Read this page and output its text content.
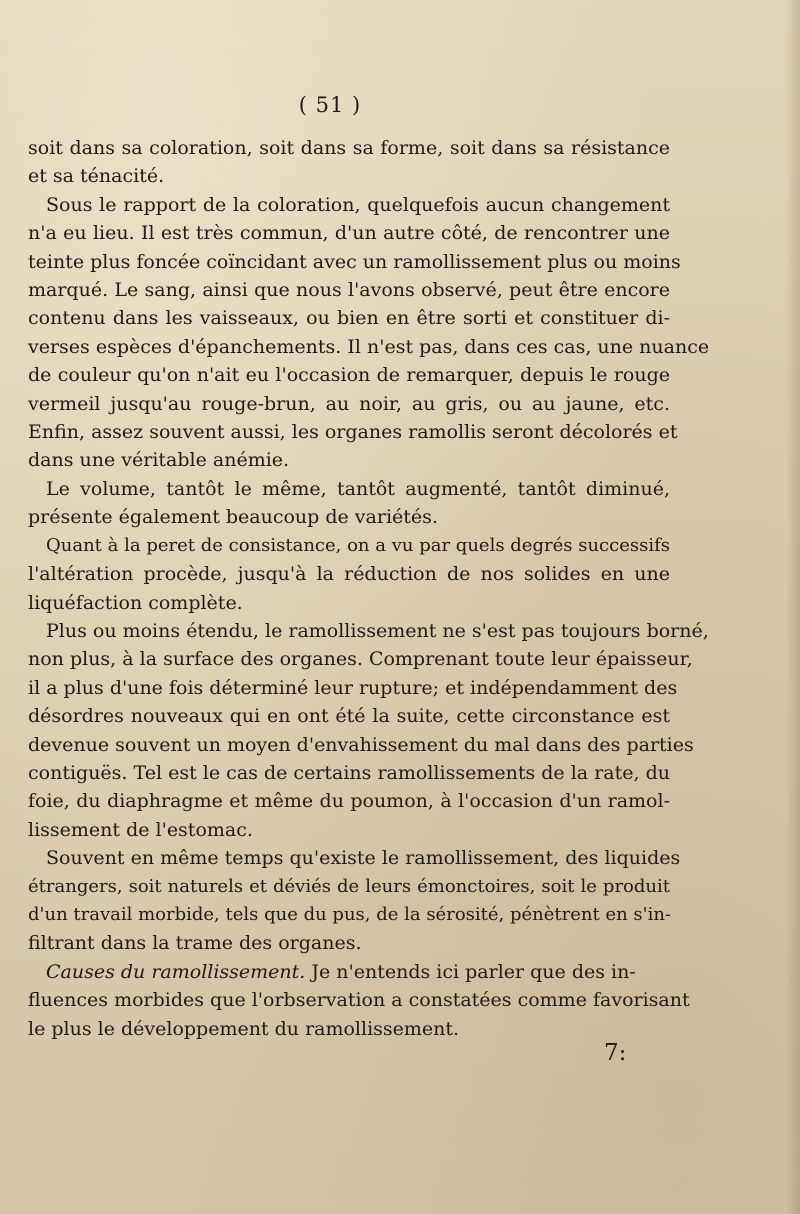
( 51 )
soit dans sa coloration, soit dans sa forme, soit dans sa résistance
et sa ténacité.
Sous le rapport de la coloration, quelquefois aucun changement
n'a eu lieu. Il est très commun, d'un autre côté, de rencontrer une
teinte plus foncée coïncidant avec un ramollissement plus ou moins
marqué. Le sang, ainsi que nous l'avons observé, peut être encore
contenu dans les vaisseaux, ou bien en être sorti et constituer di-
verses espèces d'épanchements. Il n'est pas, dans ces cas, une nuance
de couleur qu'on n'ait eu l'occasion de remarquer, depuis le rouge
vermeil jusqu'au rouge-brun, au noir, au gris, ou au jaune, etc.
Enfin, assez souvent aussi, les organes ramollis seront décolorés et
dans une véritable anémie.
Le volume, tantôt le même, tantôt augmenté, tantôt diminué,
présente également beaucoup de variétés.
Quant à la peret de consistance, on a vu par quels degrés successifs
l'altération procède, jusqu'à la réduction de nos solides en une
liquéfaction complète.
Plus ou moins étendu, le ramollissement ne s'est pas toujours borné,
non plus, à la surface des organes. Comprenant toute leur épaisseur,
il a plus d'une fois déterminé leur rupture; et indépendamment des
désordres nouveaux qui en ont été la suite, cette circonstance est
devenue souvent un moyen d'envahissement du mal dans des parties
contiguës. Tel est le cas de certains ramollissements de la rate, du
foie, du diaphragme et même du poumon, à l'occasion d'un ramol-
lissement de l'estomac.
Souvent en même temps qu'existe le ramollissement, des liquides
étrangers, soit naturels et déviés de leurs émonctoires, soit le produit
d'un travail morbide, tels que du pus, de la sérosité, pénètrent en s'in-
filtrant dans la trame des organes.
Causes du ramollissement. Je n'entends ici parler que des in-
fluences morbides que l'orbservation a constatées comme favorisant
le plus le développement du ramollissement.
7:
